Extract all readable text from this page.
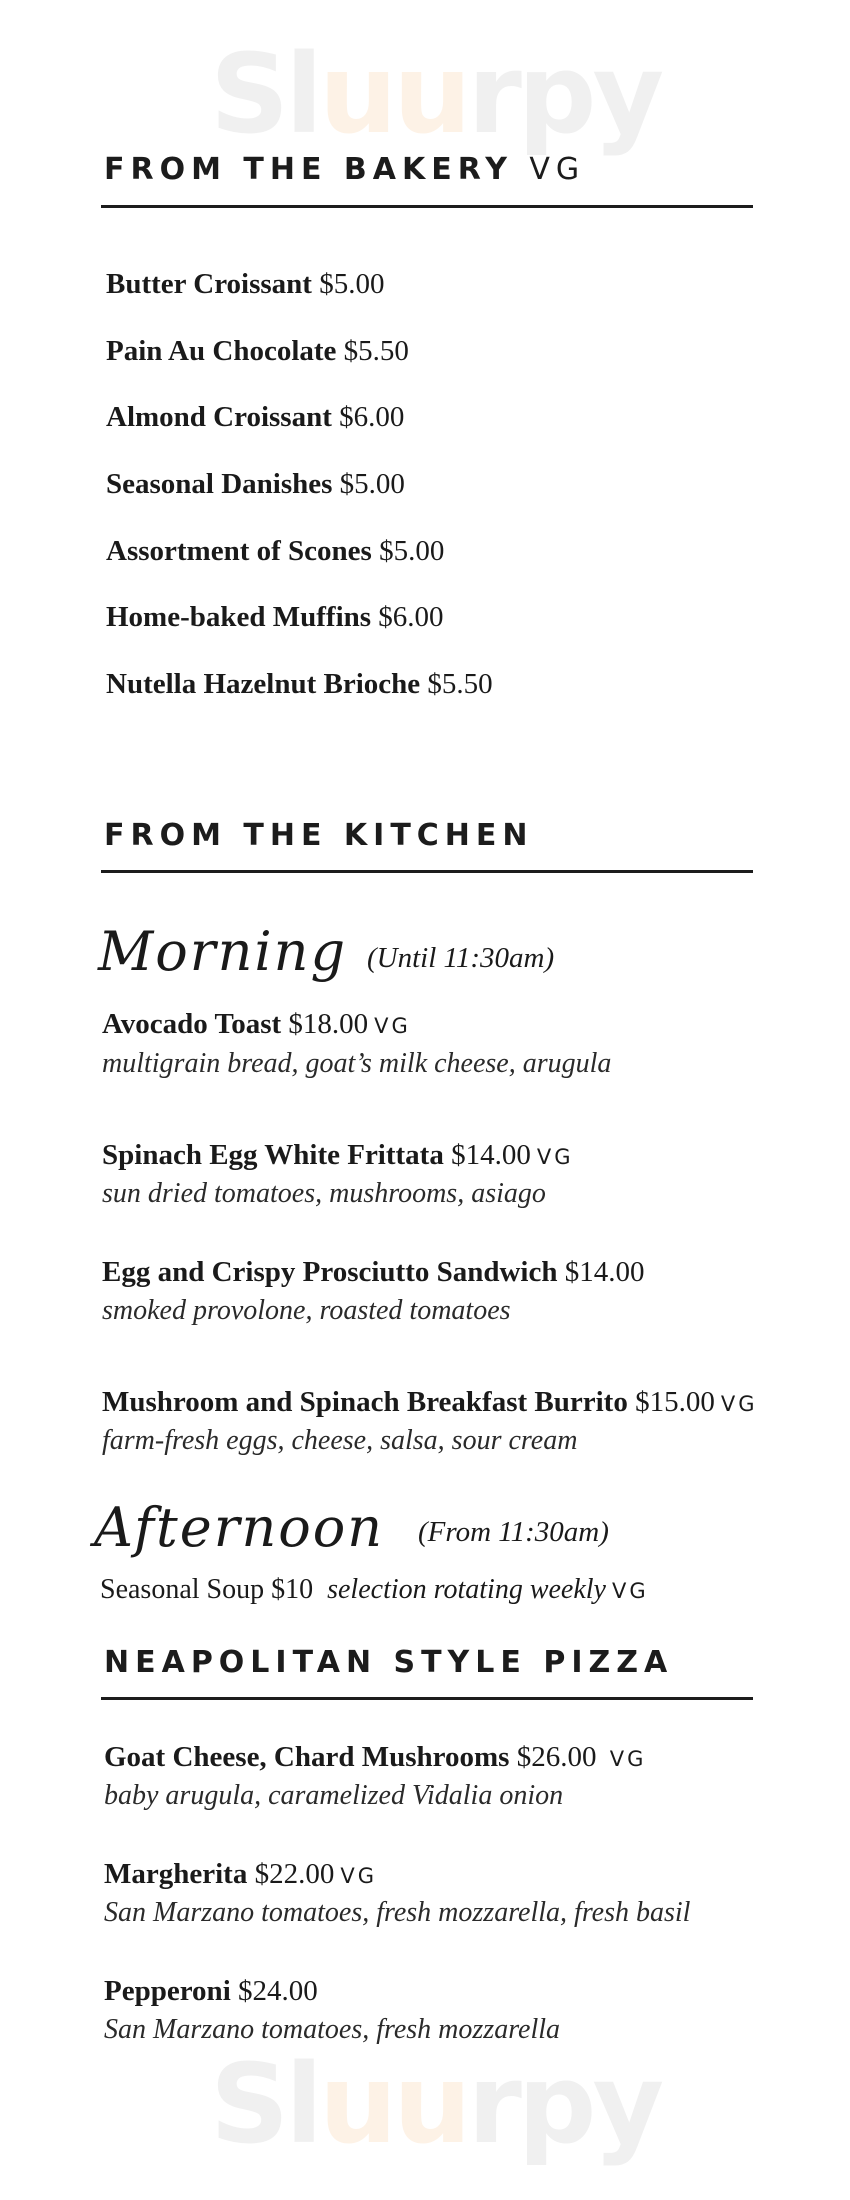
Sluurpy
Sluurpy
FROM THE BAKERY VG
Butter Croissant $5.00
Pain Au Chocolate $5.50
Almond Croissant $6.00
Seasonal Danishes $5.00
Assortment of Scones $5.00
Home-baked Muffins $6.00
Nutella Hazelnut Brioche $5.50
FROM THE KITCHEN
Morning (Until 11:30am)
Avocado Toast $18.00 VG
multigrain bread, goat’s milk cheese, arugula
Spinach Egg White Frittata $14.00 VG
sun dried tomatoes, mushrooms, asiago
Egg and Crispy Prosciutto Sandwich $14.00
smoked provolone, roasted tomatoes
Mushroom and Spinach Breakfast Burrito $15.00 VG
farm-fresh eggs, cheese, salsa, sour cream
Afternoon (From 11:30am)
Seasonal Soup $10 selection rotating weekly VG
NEAPOLITAN STYLE PIZZA
Goat Cheese, Chard Mushrooms $26.00 VG
baby arugula, caramelized Vidalia onion
Margherita $22.00 VG
San Marzano tomatoes, fresh mozzarella, fresh basil
Pepperoni $24.00
San Marzano tomatoes, fresh mozzarella
